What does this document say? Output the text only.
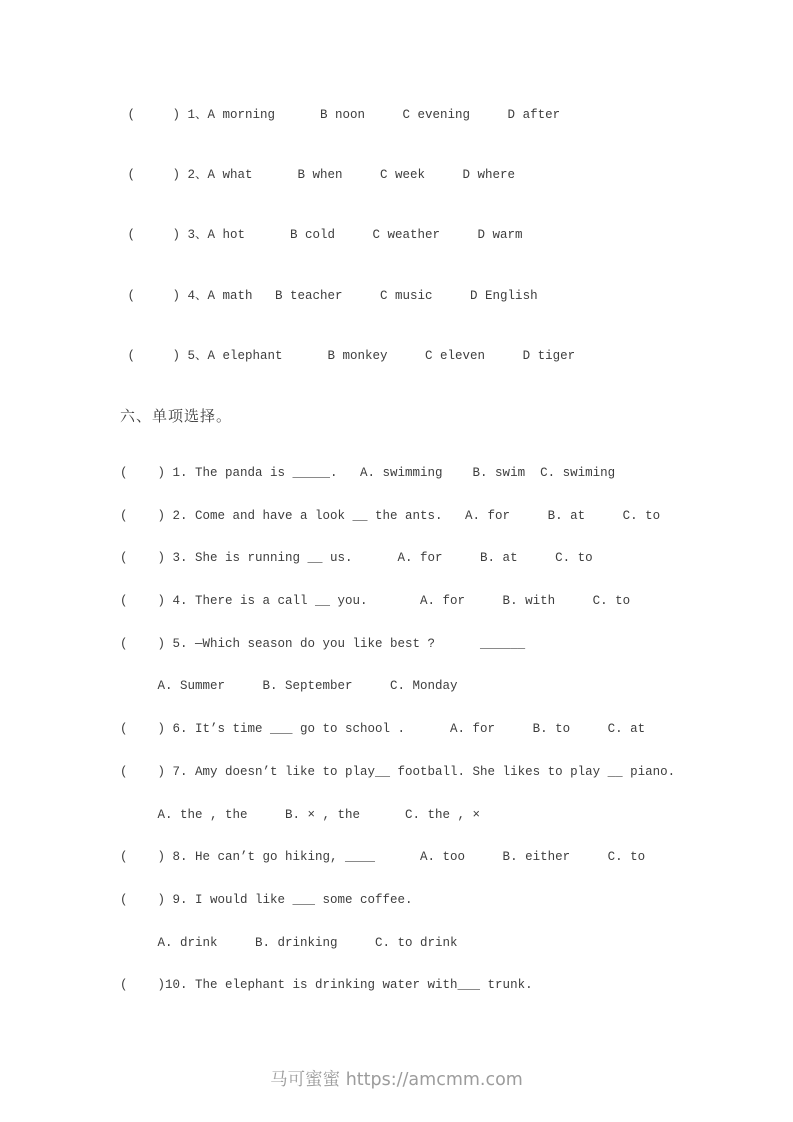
(     ) 1、A morning      B noon     C evening     D after
(     ) 2、A what      B when     C week     D where
(     ) 3、A hot      B cold     C weather     D warm
(     ) 4、A math   B teacher     C music     D English
(     ) 5、A elephant      B monkey     C eleven     D tiger
六、单项选择。
(    ) 1. The panda is _____.   A. swimming    B. swim  C. swiming
(    ) 2. Come and have a look __ the ants.   A. for     B. at     C. to
(    ) 3. She is running __ us.      A. for     B. at     C. to
(    ) 4. There is a call __ you.       A. for     B. with     C. to
(    ) 5. —Which season do you like best ?      ______
A. Summer     B. September     C. Monday
(    ) 6. It’s time ___ go to school .      A. for     B. to     C. at
(    ) 7. Amy doesn’t like to play__ football. She likes to play __ piano.
A. the , the     B. × , the      C. the , ×
(    ) 8. He can’t go hiking, ____      A. too     B. either     C. to
(    ) 9. I would like ___ some coffee.
A. drink     B. drinking     C. to drink
(    )10. The elephant is drinking water with___ trunk.
马可蜜蜜 https://amcmm.com
